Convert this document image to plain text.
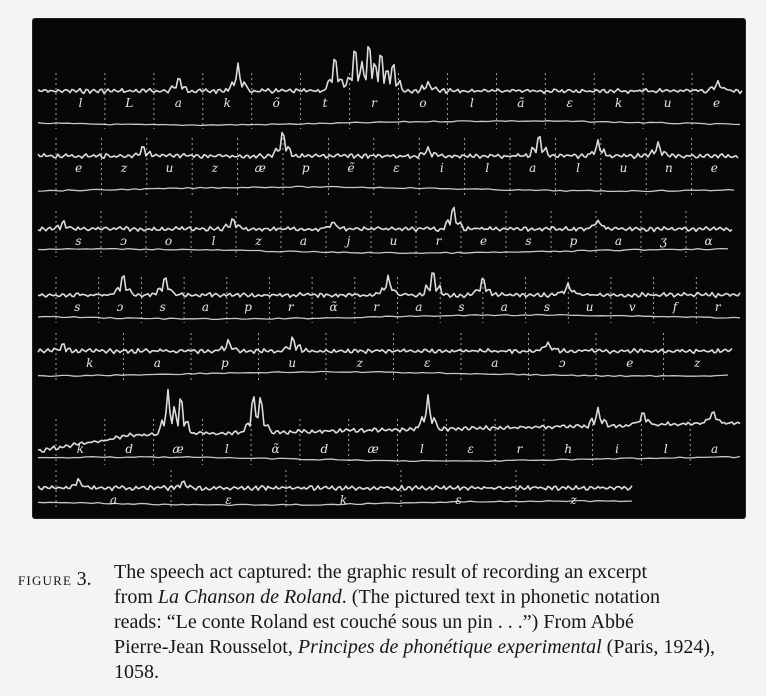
l	L	a	k	õ	t	r	o	l	ã	ɛ	k	u	e
e	z	u	z	æ	p	ẽ	ɛ	i	l	a	l	u	n	e
s	ɔ	o	l	z	a	j	u	r	e	s	p	a	ʒ	ɑ
s	ɔ	s	a	p	r	ɑ̃	r	a	s	a	s	u	v	f	r
k	a	p	u	z	ɛ	a	ɔ	e	z
k	d	æ	l	ɑ̃	d	æ	l	ɛ	r	h	i	l	a
a	ɛ	k	ɛ	z
FIGURE 3.	The speech act captured: the graphic result of recording an excerpt
from La Chanson de Roland. (The pictured text in phonetic notation
reads: “Le conte Roland est couché sous un pin . . .”) From Abbé
Pierre-Jean Rousselot, Principes de phonétique experimental (Paris, 1924),
1058.
